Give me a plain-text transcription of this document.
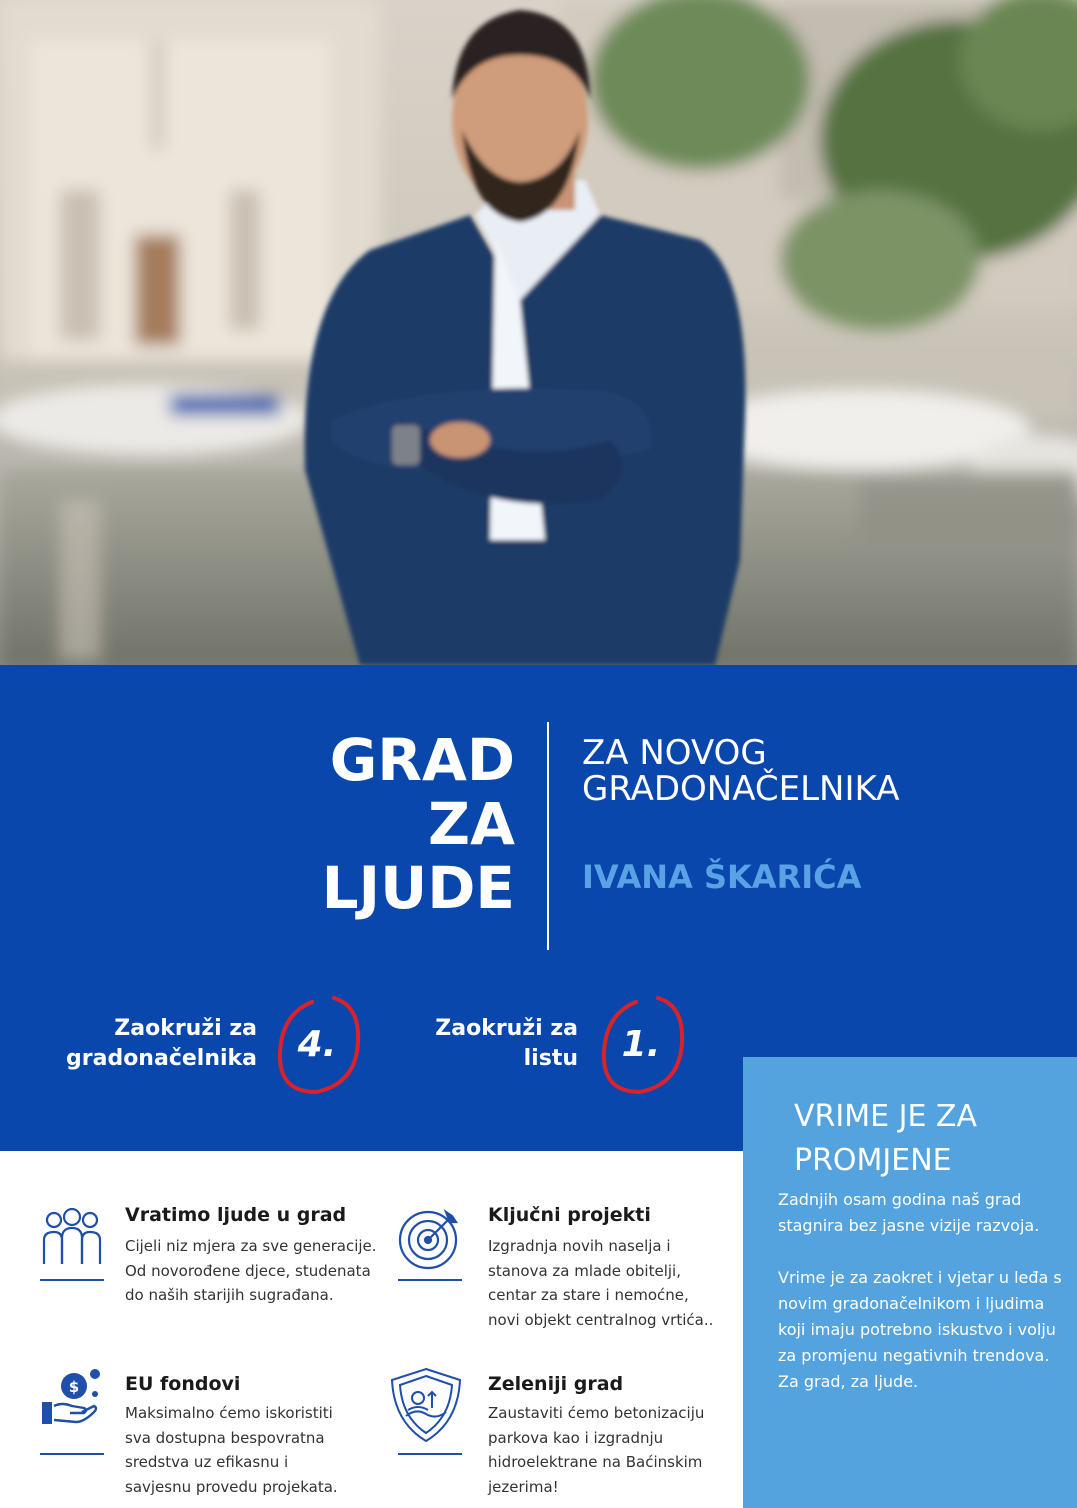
GRAD
ZA
LJUDE
ZA NOVOG
GRADONAČELNIKA
IVANA ŠKARIĆA
Zaokruži za
gradonačelnika	4.	Zaokruži za
listu	1.
VRIME JE ZA
PROMJENE

Zadnjih osam godina naš grad stagnira bez jasne vizije razvoja.

Vrime je za zaokret i vjetar u leđa s novim gradonačelnikom i ljudima koji imaju potrebno iskustvo i volju za promjenu negativnih trendova.
Za grad, za ljude.

Vratimo ljude u grad
Cijeli niz mjera za sve generacije.
Od novorođene djece, studenata
do naših starijih sugrađana.
Ključni projekti
Izgradnja novih naselja i
stanova za mlade obitelji,
centar za stare i nemoćne,
novi objekt centralnog vrtića..
$ EU fondovi
Maksimalno ćemo iskoristiti
sva dostupna bespovratna
sredstva uz efikasnu i
savjesnu provedu projekata.
Zeleniji grad
Zaustaviti ćemo betonizaciju
parkova kao i izgradnju
hidroelektrane na Baćinskim
jezerima!
